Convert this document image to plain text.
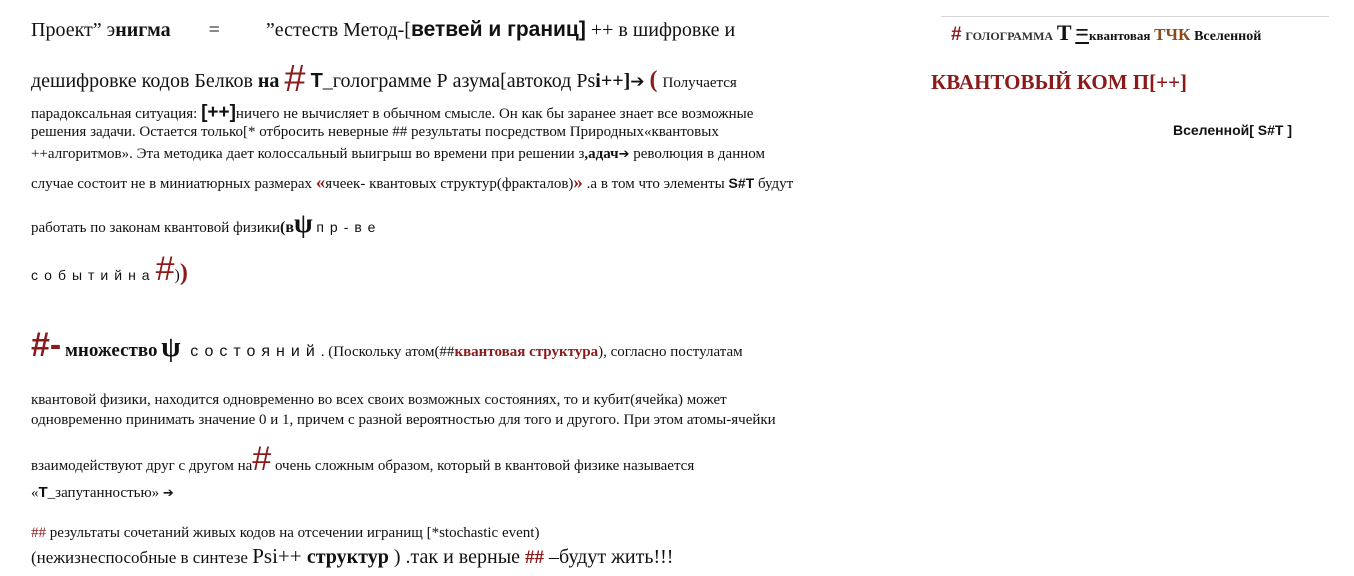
# ГОЛОГРАММА T =квантовая ТЧК Вселенной
КВАНТОВЫЙ КОМ П[++]
Вселенной[ S#T ]
Проект” энигма = ”естеств Метод-[ветвей и границ] ++ в шифровке и
дешифровке кодов Белков на # T_голограмме Р азума[автокод Psi++]➔ ( Получается
парадоксальная ситуация: [++]ничего не вычисляет в обычном смысле. Он как бы заранее знает все возможные
решения задачи. Остается только[* отбросить неверные ## результаты посредством Природных«квантовых
++алгоритмов». Эта методика дает колоссальный выигрыш во времени при решении з,адач➔ революция в данном
случае состоит не в миниатюрных размерах «ячеек- квантовых структур(фракталов)» .а в том что элементы S#T будут
работать по законам квантовой физики(вψ пр-ве
событийна#))
#- множество ψ состояний. (Поскольку атом(##квантовая структура), согласно постулатам
квантовой физики, находится одновременно во всех своих возможных состояниях, то и кубит(ячейка) может
одновременно принимать значение 0 и 1, причем с разной вероятностью для того и другого. При этом атомы-ячейки
взаимодействуют друг с другом на# очень сложным образом, который в квантовой физике называется
«T_запутанностью» ➔
## результаты сочетаний живых кодов на отсечении игранищ [*stochastic event)
(нежизнеспособные в синтезе Psi++ структур ) .так и верные ## –будут жить!!!
